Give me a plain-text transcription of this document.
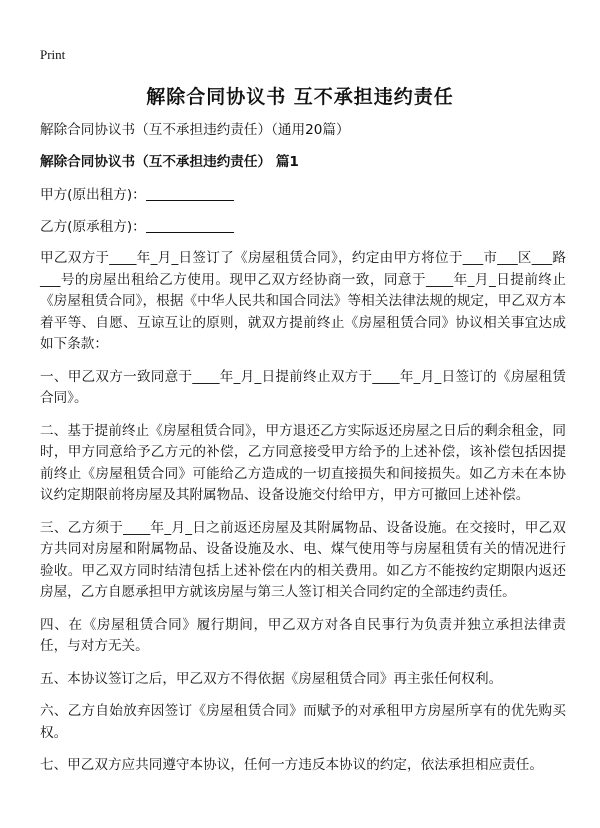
Print
解除合同协议书 互不承担违约责任

解除合同协议书（互不承担违约责任）（通用20篇）

解除合同协议书（互不承担违约责任） 篇1

甲方(原出租方)：

乙方(原承租方)：

甲乙双方于____年_月_日签订了《房屋租赁合同》，约定由甲方将位于___市___区___路___号的房屋出租给乙方使用。现甲乙双方经协商一致，同意于____年_月_日提前终止《房屋租赁合同》，根据《中华人民共和国合同法》等相关法律法规的规定，甲乙双方本着平等、自愿、互谅互让的原则，就双方提前终止《房屋租赁合同》协议相关事宜达成如下条款：

一、甲乙双方一致同意于____年_月_日提前终止双方于____年_月_日签订的《房屋租赁合同》。

二、基于提前终止《房屋租赁合同》，甲方退还乙方实际返还房屋之日后的剩余租金，同时，甲方同意给予乙方元的补偿，乙方同意接受甲方给予的上述补偿，该补偿包括因提前终止《房屋租赁合同》可能给乙方造成的一切直接损失和间接损失。如乙方未在本协议约定期限前将房屋及其附属物品、设备设施交付给甲方，甲方可撤回上述补偿。

三、乙方须于____年_月_日之前返还房屋及其附属物品、设备设施。在交接时，甲乙双方共同对房屋和附属物品、设备设施及水、电、煤气使用等与房屋租赁有关的情况进行验收。甲乙双方同时结清包括上述补偿在内的相关费用。如乙方不能按约定期限内返还房屋，乙方自愿承担甲方就该房屋与第三人签订相关合同约定的全部违约责任。

四、在《房屋租赁合同》履行期间，甲乙双方对各自民事行为负责并独立承担法律责任，与对方无关。

五、本协议签订之后，甲乙双方不得依据《房屋租赁合同》再主张任何权利。

六、乙方自始放弃因签订《房屋租赁合同》而赋予的对承租甲方房屋所享有的优先购买权。

七、甲乙双方应共同遵守本协议，任何一方违反本协议的约定，依法承担相应责任。
